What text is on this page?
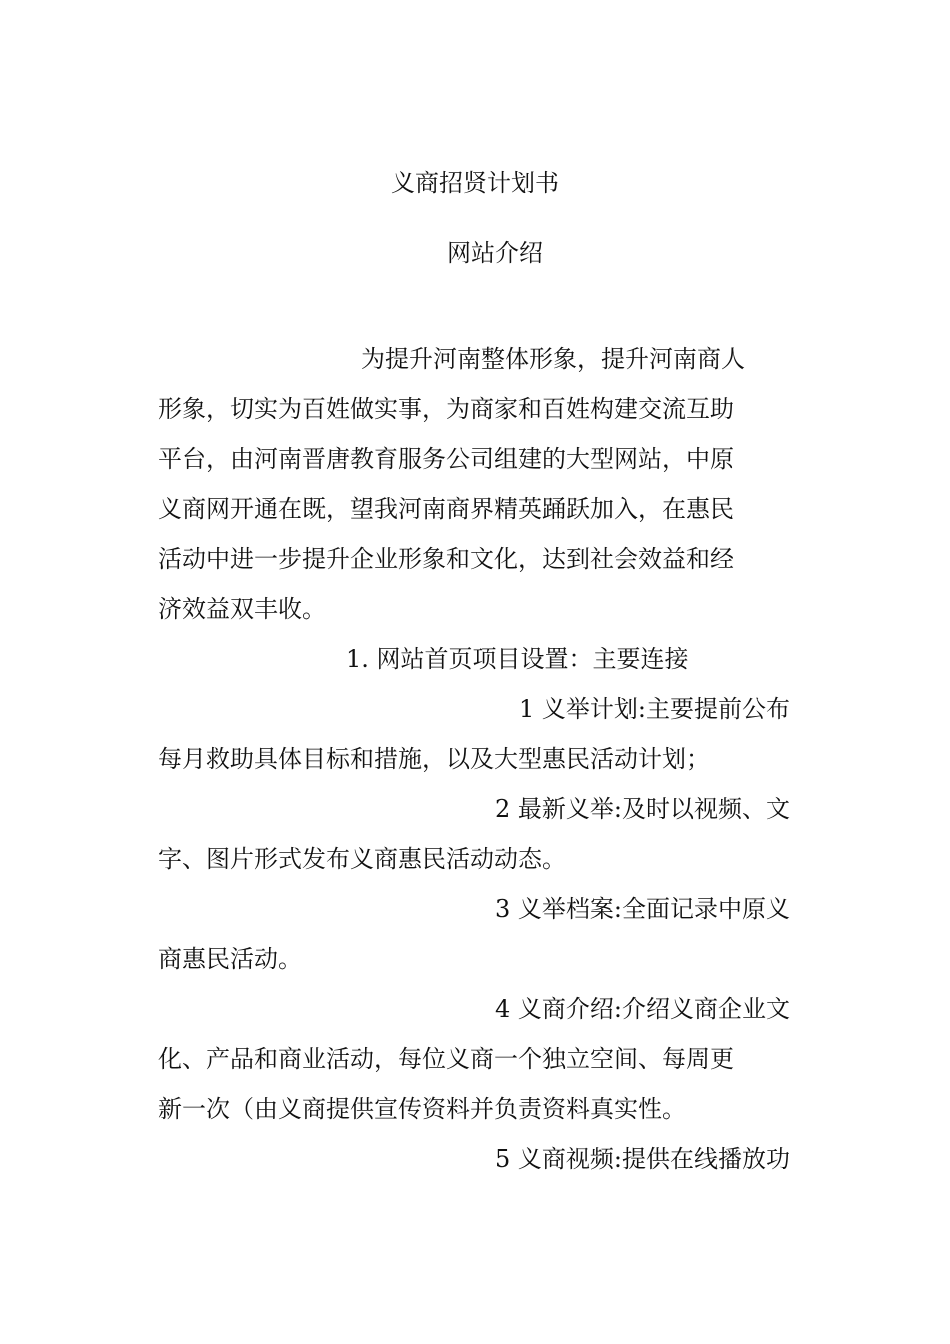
义商招贤计划书
网站介绍
为提升河南整体形象，提升河南商人
形象，切实为百姓做实事，为商家和百姓构建交流互助
平台，由河南晋唐教育服务公司组建的大型网站，中原
义商网开通在既，望我河南商界精英踊跃加入，在惠民
活动中进一步提升企业形象和文化，达到社会效益和经
济效益双丰收。
1. 网站首页项目设置：主要连接
1 义举计划:主要提前公布
每月救助具体目标和措施，以及大型惠民活动计划；
2 最新义举:及时以视频、文
字、图片形式发布义商惠民活动动态。
3 义举档案:全面记录中原义
商惠民活动。
4 义商介绍:介绍义商企业文
化、产品和商业活动，每位义商一个独立空间、每周更
新一次（由义商提供宣传资料并负责资料真实性。
5 义商视频:提供在线播放功
